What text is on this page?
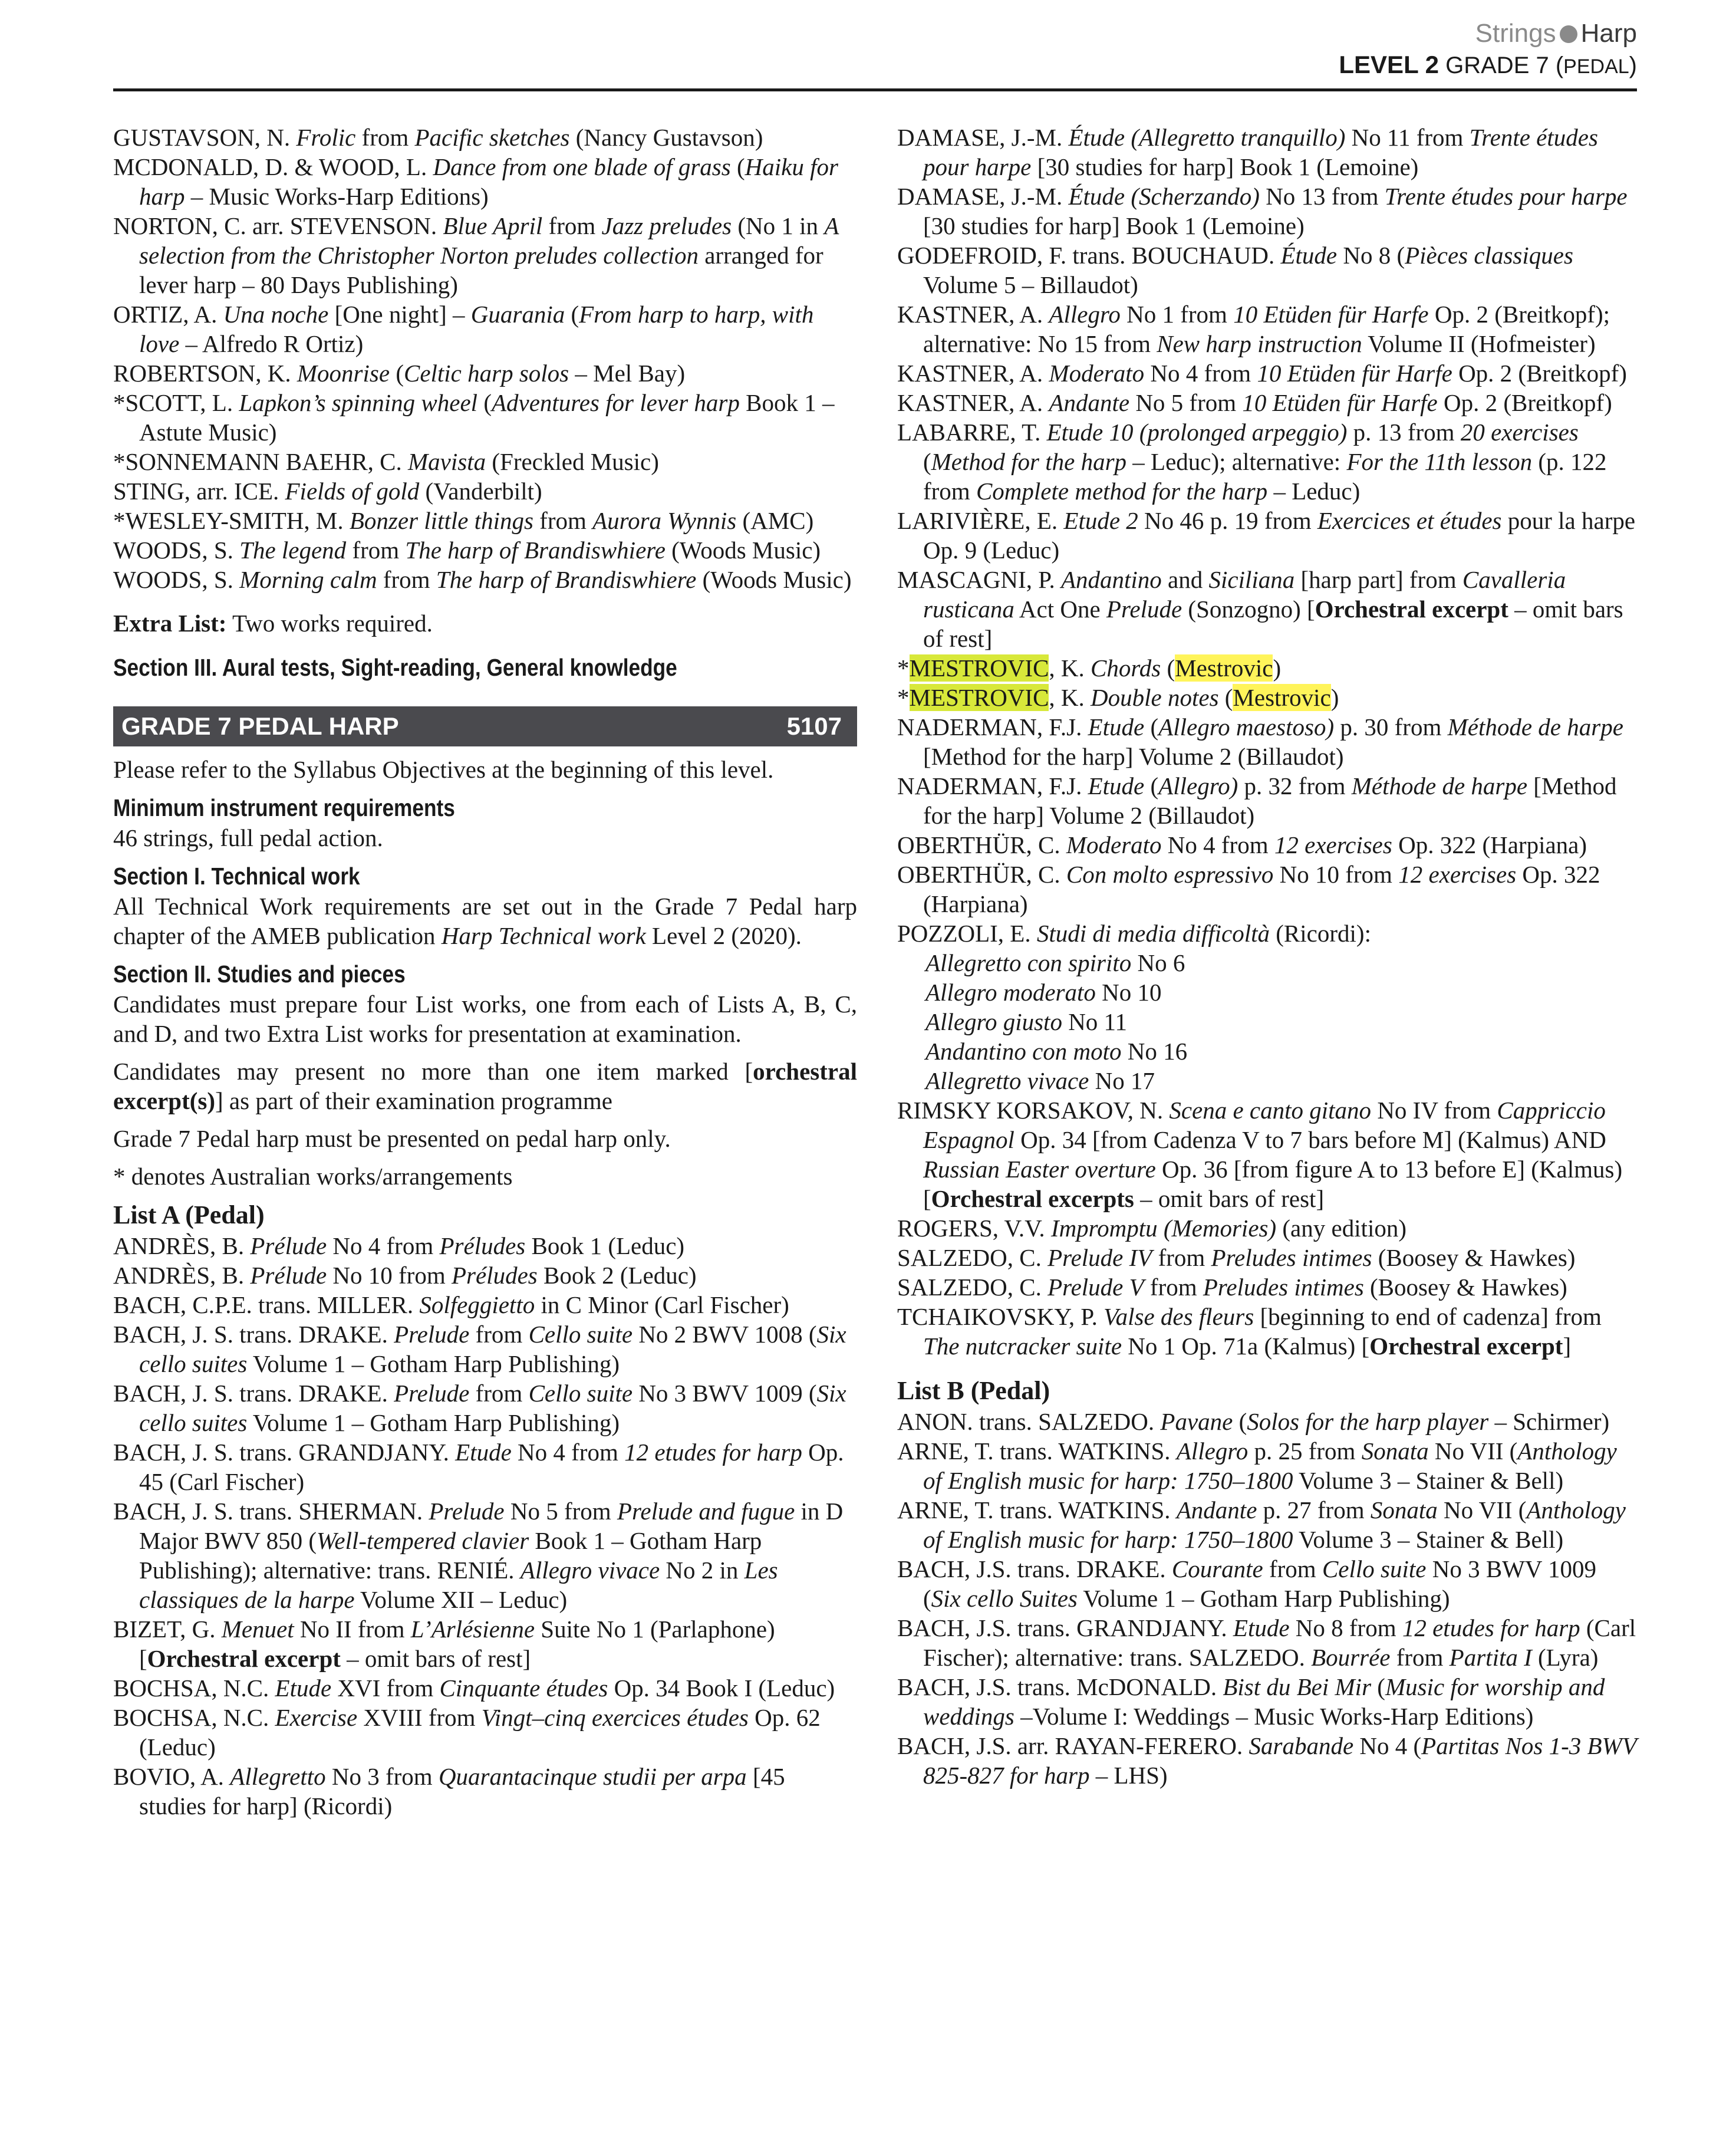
Strings Harp
LEVEL 2 GRADE 7 (PEDAL)
GUSTAVSON, N. Frolic from Pacific sketches (Nancy Gustavson)
MCDONALD, D. & WOOD, L. Dance from one blade of grass (Haiku for harp – Music Works-Harp Editions)
NORTON, C. arr. STEVENSON. Blue April from Jazz preludes (No 1 in A selection from the Christopher Norton preludes collection arranged for lever harp – 80 Days Publishing)
ORTIZ, A. Una noche [One night] – Guarania (From harp to harp, with love – Alfredo R Ortiz)
ROBERTSON, K. Moonrise (Celtic harp solos – Mel Bay)
*SCOTT, L. Lapkon’s spinning wheel (Adventures for lever harp Book 1 – Astute Music)
*SONNEMANN BAEHR, C. Mavista (Freckled Music)
STING, arr. ICE. Fields of gold (Vanderbilt)
*WESLEY-SMITH, M. Bonzer little things from Aurora Wynnis (AMC)
WOODS, S. The legend from The harp of Brandiswhiere (Woods Music)
WOODS, S. Morning calm from The harp of Brandiswhiere (Woods Music)
Extra List: Two works required.
Section III. Aural tests, Sight-reading, General knowledge
GRADE 7 PEDAL HARP	5107
Please refer to the Syllabus Objectives at the beginning of this level.
Minimum instrument requirements
46 strings, full pedal action.
Section I. Technical work
All Technical Work requirements are set out in the Grade 7 Pedal harp chapter of the AMEB publication Harp Technical work Level 2 (2020).
Section II. Studies and pieces
Candidates must prepare four List works, one from each of Lists A, B, C, and D, and two Extra List works for presentation at examination.
Candidates may present no more than one item marked [orchestral excerpt(s)] as part of their examination programme
Grade 7 Pedal harp must be presented on pedal harp only.
* denotes Australian works/arrangements
List A (Pedal)
ANDRÈS, B. Prélude No 4 from Préludes Book 1 (Leduc)
ANDRÈS, B. Prélude No 10 from Préludes Book 2 (Leduc)
BACH, C.P.E. trans. MILLER. Solfeggietto in C Minor (Carl Fischer)
BACH, J. S. trans. DRAKE. Prelude from Cello suite No 2 BWV 1008 (Six cello suites Volume 1 – Gotham Harp Publishing)
BACH, J. S. trans. DRAKE. Prelude from Cello suite No 3 BWV 1009 (Six cello suites Volume 1 – Gotham Harp Publishing)
BACH, J. S. trans. GRANDJANY. Etude No 4 from 12 etudes for harp Op. 45 (Carl Fischer)
BACH, J. S. trans. SHERMAN. Prelude No 5 from Prelude and fugue in D Major BWV 850 (Well-tempered clavier Book 1 – Gotham Harp Publishing); alternative: trans. RENIÉ. Allegro vivace No 2 in Les classiques de la harpe Volume XII – Leduc)
BIZET, G. Menuet No II from L’Arlésienne Suite No 1 (Parlaphone) [Orchestral excerpt – omit bars of rest]
BOCHSA, N.C. Etude XVI from Cinquante études Op. 34 Book I (Leduc)
BOCHSA, N.C. Exercise XVIII from Vingt–cinq exercices études Op. 62 (Leduc)
BOVIO, A. Allegretto No 3 from Quarantacinque studii per arpa [45 studies for harp] (Ricordi)
DAMASE, J.-M. Étude (Allegretto tranquillo) No 11 from Trente études pour harpe [30 studies for harp] Book 1 (Lemoine)
DAMASE, J.-M. Étude (Scherzando) No 13 from Trente études pour harpe [30 studies for harp] Book 1 (Lemoine)
GODEFROID, F. trans. BOUCHAUD. Étude No 8 (Pièces classiques Volume 5 – Billaudot)
KASTNER, A. Allegro No 1 from 10 Etüden für Harfe Op. 2 (Breitkopf); alternative: No 15 from New harp instruction Volume II (Hofmeister)
KASTNER, A. Moderato No 4 from 10 Etüden für Harfe Op. 2 (Breitkopf)
KASTNER, A. Andante No 5 from 10 Etüden für Harfe Op. 2 (Breitkopf)
LABARRE, T. Etude 10 (prolonged arpeggio) p. 13 from 20 exercises (Method for the harp – Leduc); alternative: For the 11th lesson (p. 122 from Complete method for the harp – Leduc)
LARIVIÈRE, E. Etude 2 No 46 p. 19 from Exercices et études pour la harpe Op. 9 (Leduc)
MASCAGNI, P. Andantino and Siciliana [harp part] from Cavalleria rusticana Act One Prelude (Sonzogno) [Orchestral excerpt – omit bars of rest]
*MESTROVIC, K. Chords (Mestrovic)
*MESTROVIC, K. Double notes (Mestrovic)
NADERMAN, F.J. Etude (Allegro maestoso) p. 30 from Méthode de harpe [Method for the harp] Volume 2 (Billaudot)
NADERMAN, F.J. Etude (Allegro) p. 32 from Méthode de harpe [Method for the harp] Volume 2 (Billaudot)
OBERTHÜR, C. Moderato No 4 from 12 exercises Op. 322 (Harpiana)
OBERTHÜR, C. Con molto espressivo No 10 from 12 exercises Op. 322 (Harpiana)
POZZOLI, E. Studi di media difficoltà (Ricordi):
Allegretto con spirito No 6
Allegro moderato No 10
Allegro giusto No 11
Andantino con moto No 16
Allegretto vivace No 17
RIMSKY KORSAKOV, N. Scena e canto gitano No IV from Cappriccio Espagnol Op. 34 [from Cadenza V to 7 bars before M] (Kalmus) AND Russian Easter overture Op. 36 [from figure A to 13 before E] (Kalmus) [Orchestral excerpts – omit bars of rest]
ROGERS, V.V. Impromptu (Memories) (any edition)
SALZEDO, C. Prelude IV from Preludes intimes (Boosey & Hawkes)
SALZEDO, C. Prelude V from Preludes intimes (Boosey & Hawkes)
TCHAIKOVSKY, P. Valse des fleurs [beginning to end of cadenza] from The nutcracker suite No 1 Op. 71a (Kalmus) [Orchestral excerpt]
List B (Pedal)
ANON. trans. SALZEDO. Pavane (Solos for the harp player – Schirmer)
ARNE, T. trans. WATKINS. Allegro p. 25 from Sonata No VII (Anthology of English music for harp: 1750–1800 Volume 3 – Stainer & Bell)
ARNE, T. trans. WATKINS. Andante p. 27 from Sonata No VII (Anthology of English music for harp: 1750–1800 Volume 3 – Stainer & Bell)
BACH, J.S. trans. DRAKE. Courante from Cello suite No 3 BWV 1009 (Six cello Suites Volume 1 – Gotham Harp Publishing)
BACH, J.S. trans. GRANDJANY. Etude No 8 from 12 etudes for harp (Carl Fischer); alternative: trans. SALZEDO. Bourrée from Partita I (Lyra)
BACH, J.S. trans. McDONALD. Bist du Bei Mir (Music for worship and weddings –Volume I: Weddings – Music Works-Harp Editions)
BACH, J.S. arr. RAYAN-FERERO. Sarabande No 4 (Partitas Nos 1-3 BWV 825-827 for harp – LHS)
